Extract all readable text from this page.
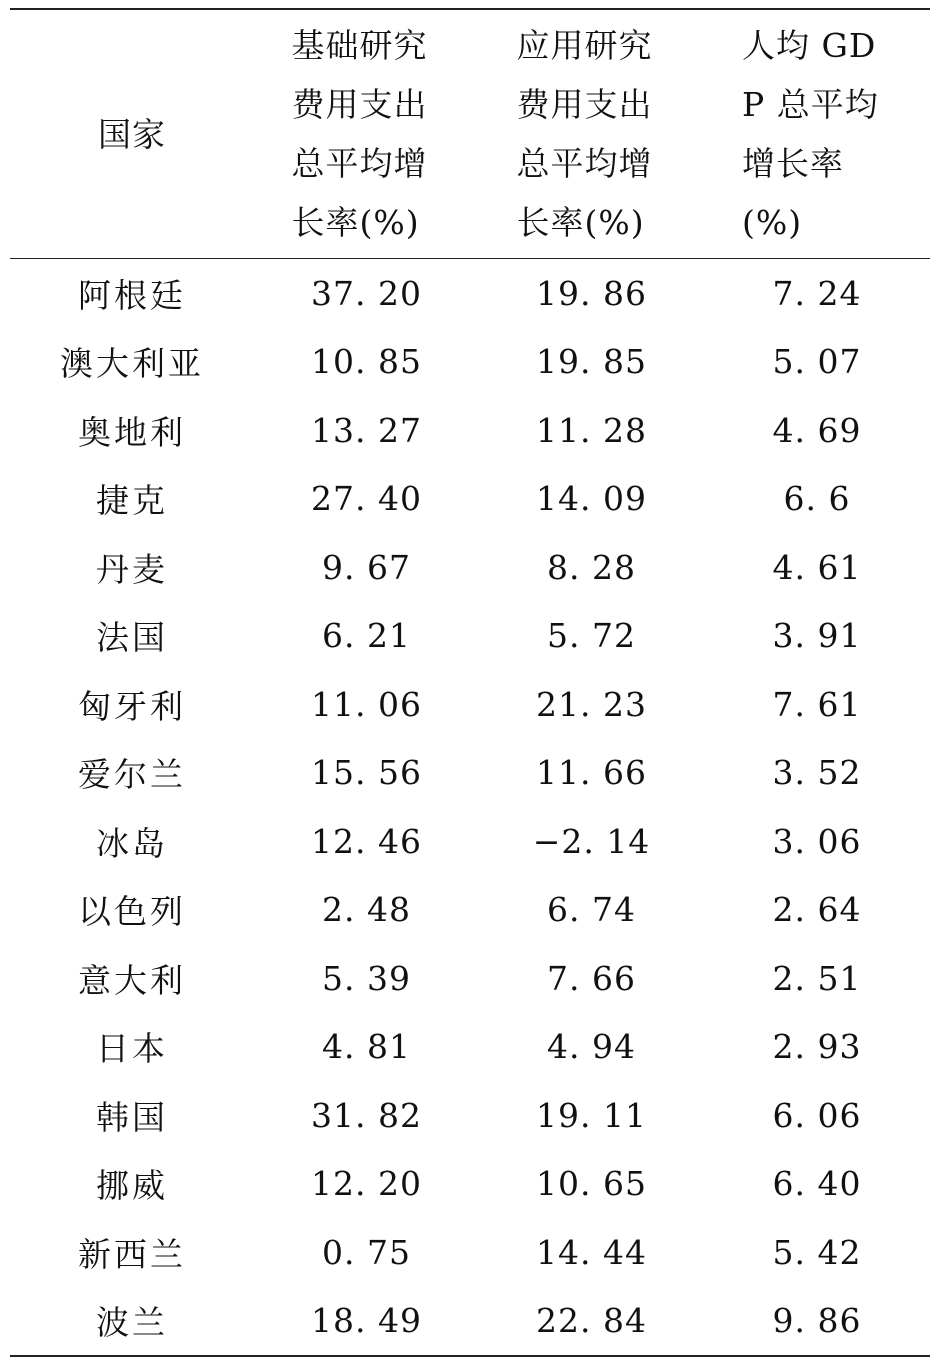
国家	基础研究费用支出总平均增长率(%)	应用研究费用支出总平均增长率(%)	人均 GDP 总平均增长率(%)
阿根廷	37. 20	19. 86	7. 24
澳大利亚	10. 85	19. 85	5. 07
奥地利	13. 27	11. 28	4. 69
捷克	27. 40	14. 09	6. 6
丹麦	9. 67	8. 28	4. 61
法国	6. 21	5. 72	3. 91
匈牙利	11. 06	21. 23	7. 61
爱尔兰	15. 56	11. 66	3. 52
冰岛	12. 46	−2. 14	3. 06
以色列	2. 48	6. 74	2. 64
意大利	5. 39	7. 66	2. 51
日本	4. 81	4. 94	2. 93
韩国	31. 82	19. 11	6. 06
挪威	12. 20	10. 65	6. 40
新西兰	0. 75	14. 44	5. 42
波兰	18. 49	22. 84	9. 86
